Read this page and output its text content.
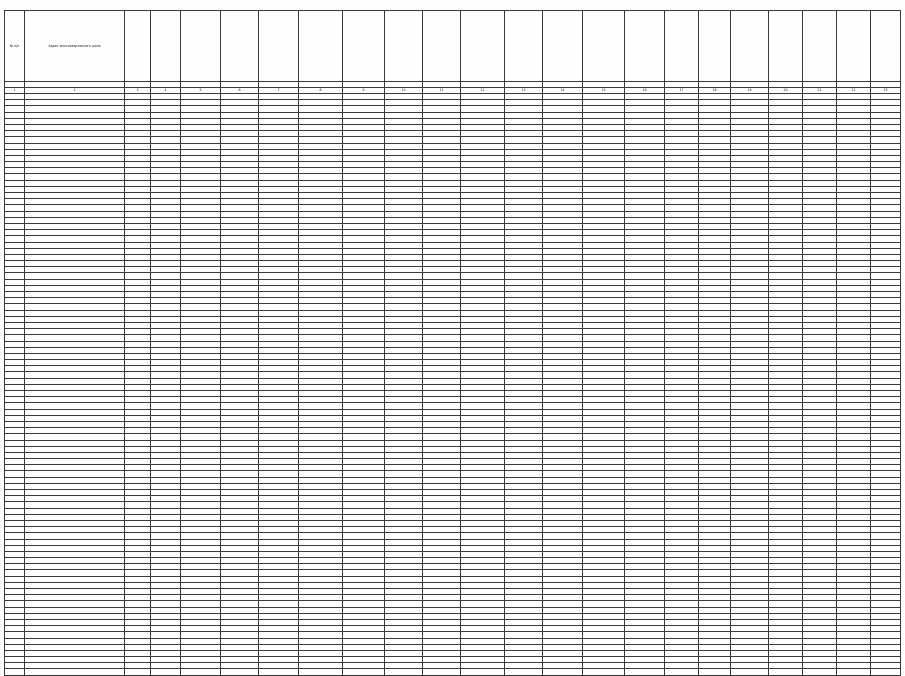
№ п/п	Адрес многоквартирного дома																					

1	2	3	4	5	6	7	8	9	10	11	12	13	14	15	16	17	18	19	20	21	22	23
